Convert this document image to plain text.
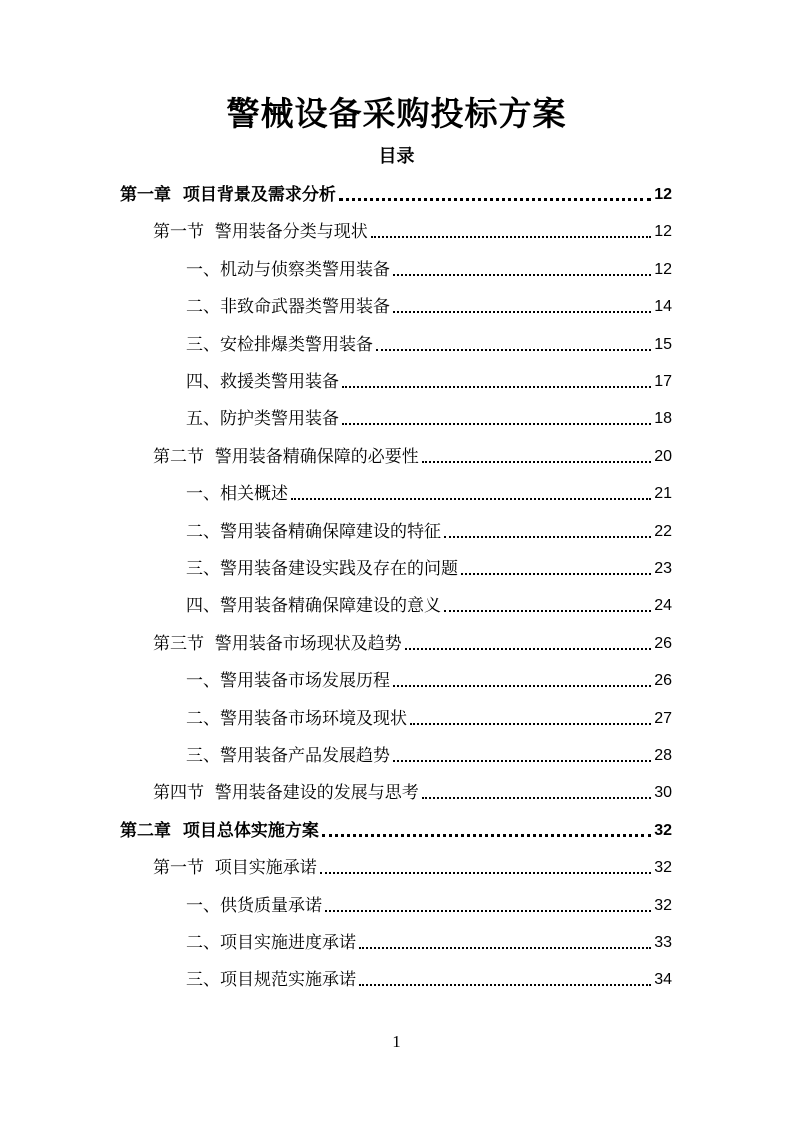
警械设备采购投标方案
目录
第一章  项目背景及需求分析	12
第一节  警用装备分类与现状	12
一、机动与侦察类警用装备	12
二、非致命武器类警用装备	14
三、安检排爆类警用装备	15
四、救援类警用装备	17
五、防护类警用装备	18
第二节  警用装备精确保障的必要性	20
一、相关概述	21
二、警用装备精确保障建设的特征	22
三、警用装备建设实践及存在的问题	23
四、警用装备精确保障建设的意义	24
第三节  警用装备市场现状及趋势	26
一、警用装备市场发展历程	26
二、警用装备市场环境及现状	27
三、警用装备产品发展趋势	28
第四节  警用装备建设的发展与思考	30
第二章  项目总体实施方案	32
第一节  项目实施承诺	32
一、供货质量承诺	32
二、项目实施进度承诺	33
三、项目规范实施承诺	34
1
